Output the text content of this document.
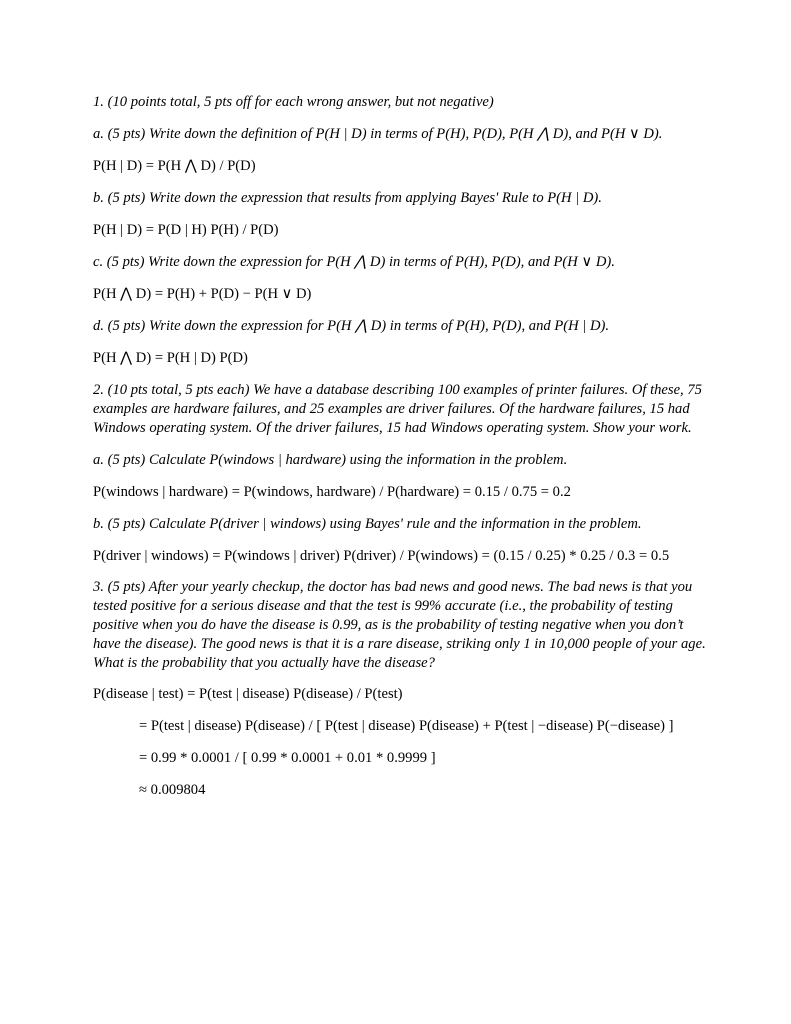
1. (10 points total, 5 pts off for each wrong answer, but not negative)
a. (5 pts) Write down the definition of P(H | D) in terms of P(H), P(D), P(H ⋀ D), and P(H ∨ D).
P(H | D) = P(H ⋀ D) / P(D)
b. (5 pts) Write down the expression that results from applying Bayes' Rule to P(H | D).
P(H | D) = P(D | H) P(H) / P(D)
c. (5 pts) Write down the expression for P(H ⋀ D) in terms of P(H), P(D), and P(H ∨ D).
P(H ⋀ D) = P(H) + P(D) − P(H ∨ D)
d. (5 pts) Write down the expression for P(H ⋀ D) in terms of P(H), P(D), and P(H | D).
P(H ⋀ D) = P(H | D) P(D)
2. (10 pts total, 5 pts each) We have a database describing 100 examples of printer failures. Of these, 75
examples are hardware failures, and 25 examples are driver failures. Of the hardware failures, 15 had
Windows operating system. Of the driver failures, 15 had Windows operating system. Show your work.
a. (5 pts) Calculate P(windows | hardware) using the information in the problem.
P(windows | hardware) = P(windows, hardware) / P(hardware) = 0.15 / 0.75 = 0.2
b. (5 pts) Calculate P(driver | windows) using Bayes' rule and the information in the problem.
P(driver | windows) = P(windows | driver) P(driver) / P(windows) = (0.15 / 0.25) * 0.25 / 0.3 = 0.5
3. (5 pts) After your yearly checkup, the doctor has bad news and good news. The bad news is that you
tested positive for a serious disease and that the test is 99% accurate (i.e., the probability of testing
positive when you do have the disease is 0.99, as is the probability of testing negative when you don’t
have the disease). The good news is that it is a rare disease, striking only 1 in 10,000 people of your age.
What is the probability that you actually have the disease?
P(disease | test) = P(test | disease) P(disease) / P(test)
= P(test | disease) P(disease) / [ P(test | disease) P(disease) + P(test | −disease) P(−disease) ]
= 0.99 * 0.0001 / [ 0.99 * 0.0001 + 0.01 * 0.9999 ]
≈ 0.009804
